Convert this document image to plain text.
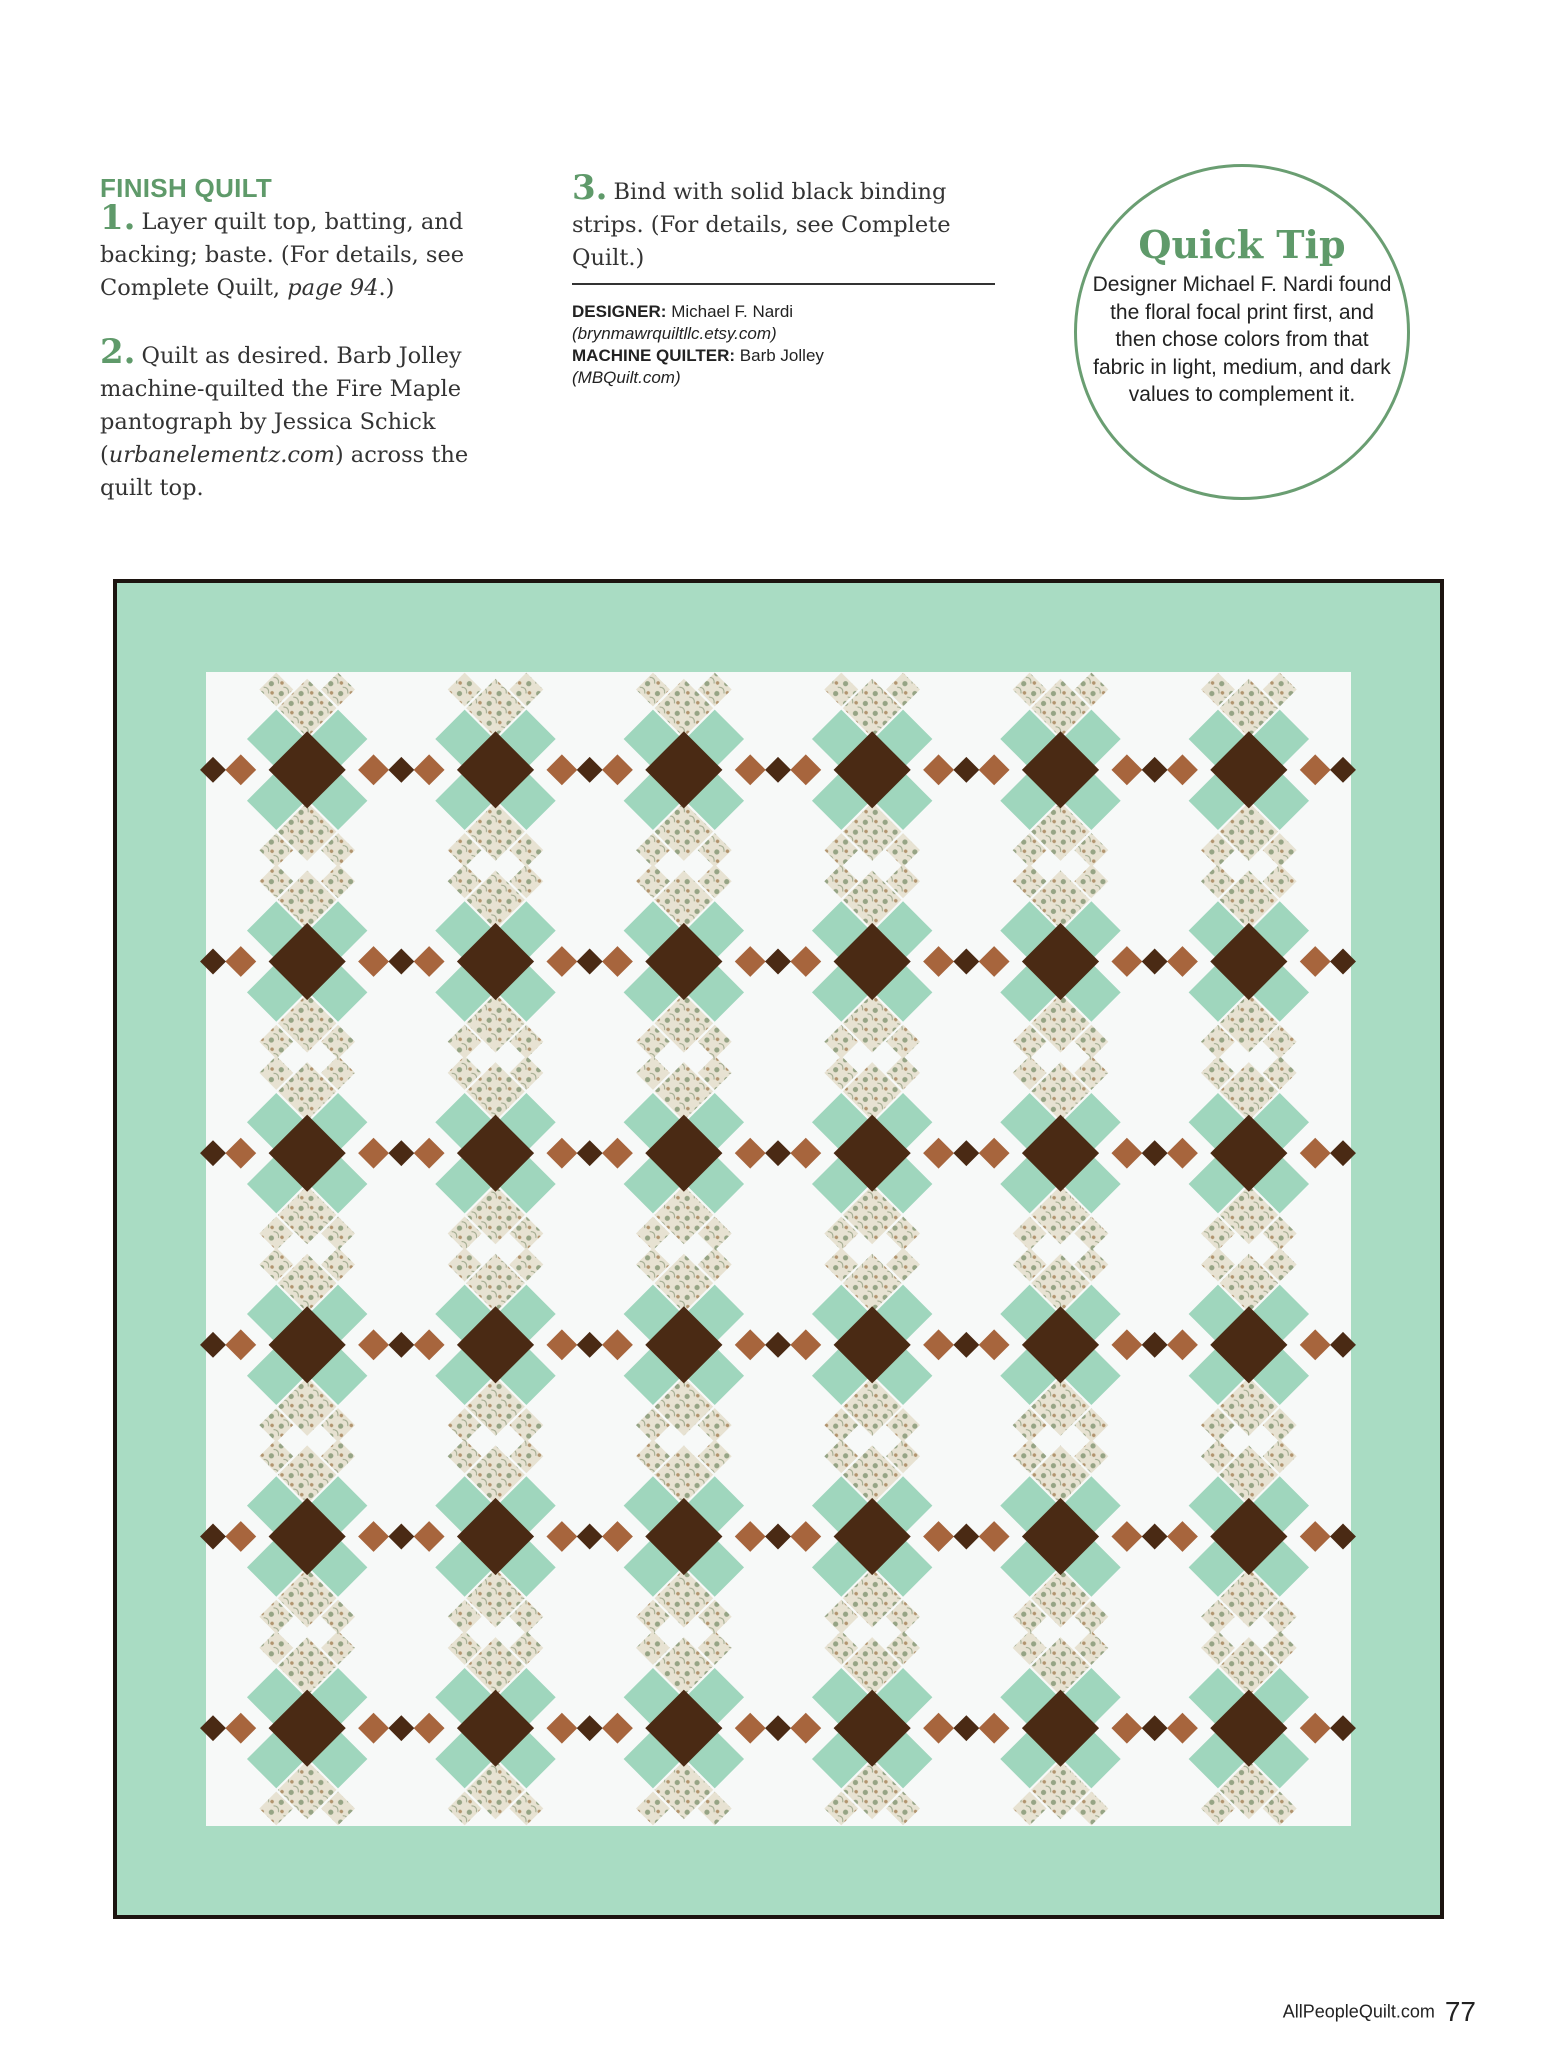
FINISH QUILT

1. Layer quilt top, batting, and backing; baste. (For details, see Complete Quilt, page 94.)

2. Quilt as desired. Barb Jolley machine-quilted the Fire Maple pantograph by Jessica Schick (urbanelementz.com) across the quilt top.

3. Bind with solid black binding strips. (For details, see Complete Quilt.)

DESIGNER: Michael F. Nardi
(brynmawrquiltllc.etsy.com)
MACHINE QUILTER: Barb Jolley
(MBQuilt.com)
Quick Tip
Designer Michael F. Nardi found the floral focal print first, and then chose colors from that fabric in light, medium, and dark values to complement it.
AllPeopleQuilt.com 77
